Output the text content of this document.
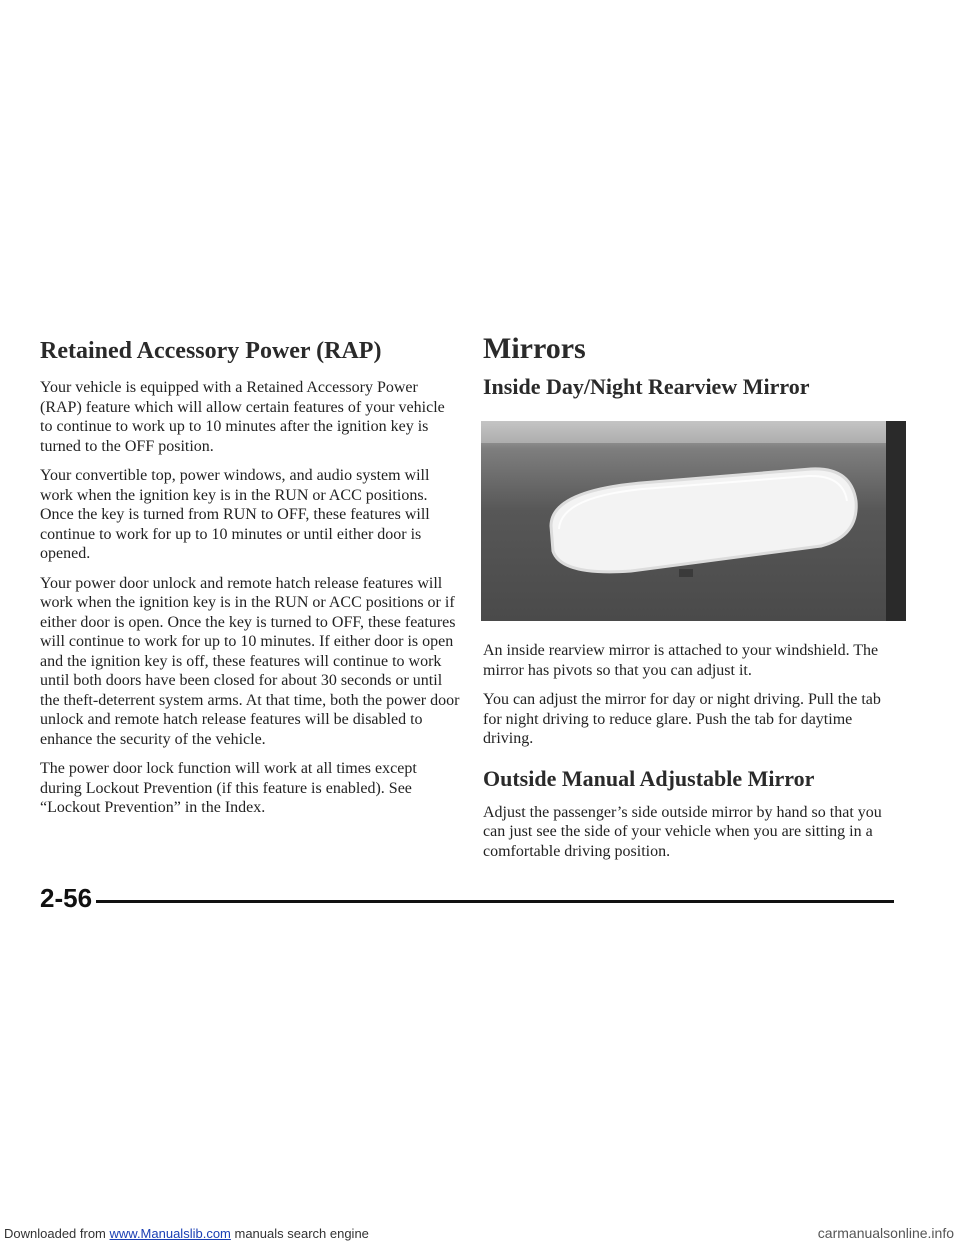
Retained Accessory Power (RAP)

Your vehicle is equipped with a Retained Accessory Power (RAP) feature which will allow certain features of your vehicle to continue to work up to 10 minutes after the ignition key is turned to the OFF position.

Your convertible top, power windows, and audio system will work when the ignition key is in the RUN or ACC positions. Once the key is turned from RUN to OFF, these features will continue to work for up to 10 minutes or until either door is opened.

Your power door unlock and remote hatch release features will work when the ignition key is in the RUN or ACC positions or if either door is open. Once the key is turned to OFF, these features will continue to work for up to 10 minutes. If either door is open and the ignition key is off, these features will continue to work until both doors have been closed for about 30 seconds or until the theft-deterrent system arms. At that time, both the power door unlock and remote hatch release features will be disabled to enhance the security of the vehicle.

The power door lock function will work at all times except during Lockout Prevention (if this feature is enabled). See “Lockout Prevention” in the Index.

Mirrors
Inside Day/Night Rearview Mirror

An inside rearview mirror is attached to your windshield. The mirror has pivots so that you can adjust it.

You can adjust the mirror for day or night driving. Pull the tab for night driving to reduce glare. Push the tab for daytime driving.

Outside Manual Adjustable Mirror

Adjust the passenger’s side outside mirror by hand so that you can just see the side of your vehicle when you are sitting in a comfortable driving position.

2-56
Downloaded from www.Manualslib.com manuals search engine	carmanualsonline.info
